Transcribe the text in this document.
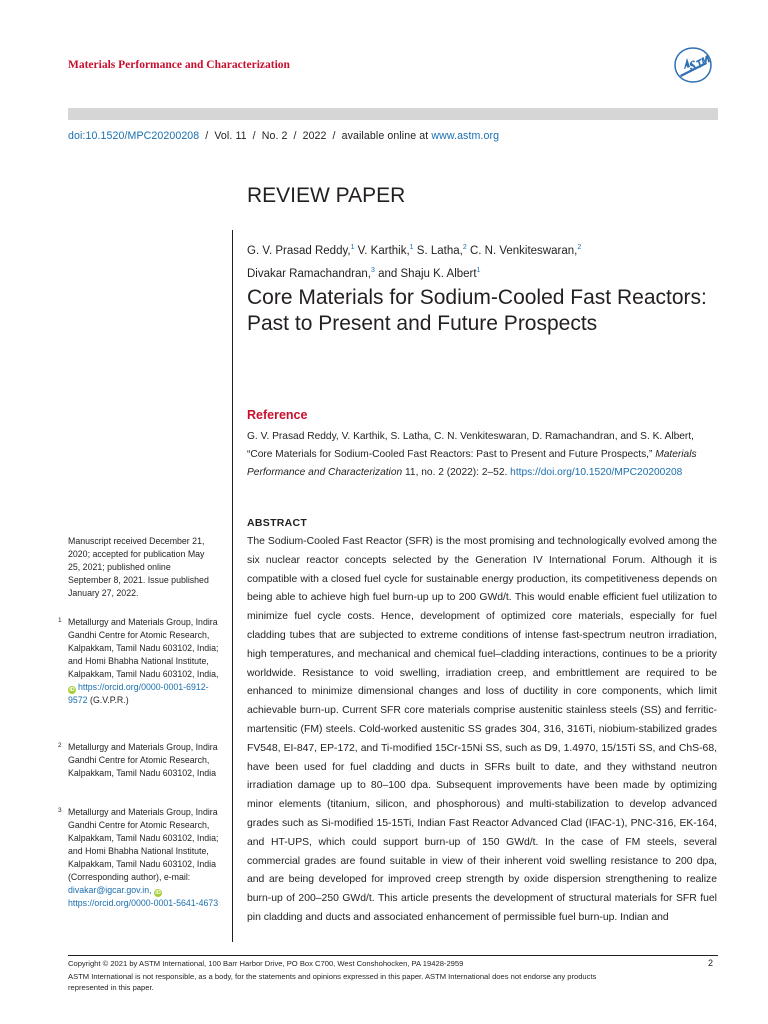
Materials Performance and Characterization
doi:10.1520/MPC20200208 / Vol. 11 / No. 2 / 2022 / available online at www.astm.org
REVIEW PAPER
G. V. Prasad Reddy,$^1$ V. Karthik,$^1$ S. Latha,$^2$ C. N. Venkiteswaran,$^2$
Divakar Ramachandran,$^3$ and Shaju K. Albert$^1$
Core Materials for Sodium-Cooled Fast Reactors: Past to Present and Future Prospects
Reference
G. V. Prasad Reddy, V. Karthik, S. Latha, C. N. Venkiteswaran, D. Ramachandran, and S. K. Albert, “Core Materials for Sodium-Cooled Fast Reactors: Past to Present and Future Prospects,” Materials Performance and Characterization 11, no. 2 (2022): 2–52. https://doi.org/10.1520/MPC20200208
ABSTRACT
The Sodium-Cooled Fast Reactor (SFR) is the most promising and technologically evolved among the six nuclear reactor concepts selected by the Generation IV International Forum. Although it is compatible with a closed fuel cycle for sustainable energy production, its competitiveness depends on being able to achieve high fuel burn-up up to 200 GWd/t. This would enable efficient fuel utilization to minimize fuel cycle costs. Hence, development of optimized core materials, especially for fuel cladding tubes that are subjected to extreme conditions of intense fast-spectrum neutron irradiation, high temperatures, and mechanical and chemical fuel–cladding interactions, continues to be a priority worldwide. Resistance to void swelling, irradiation creep, and embrittlement are required to be enhanced to minimize dimensional changes and loss of ductility in core components, which limit achievable burn-up. Current SFR core materials comprise austenitic stainless steels (SS) and ferritic-martensitic (FM) steels. Cold-worked austenitic SS grades 304, 316, 316Ti, niobium-stabilized grades FV548, EI-847, EP-172, and Ti-modified 15Cr-15Ni SS, such as D9, 1.4970, 15/15Ti SS, and ChS-68, have been used for fuel cladding and ducts in SFRs built to date, and they withstand neutron irradiation damage up to 80–100 dpa. Subsequent improvements have been made by optimizing minor elements (titanium, silicon, and phosphorous) and multi-stabilization to develop advanced grades such as Si-modified 15-15Ti, Indian Fast Reactor Advanced Clad (IFAC-1), PNC-316, EK-164, and HT-UPS, which could support burn-up of 150 GWd/t. In the case of FM steels, several commercial grades are found suitable in view of their inherent void swelling resistance to 200 dpa, and are being developed for improved creep strength by oxide dispersion strengthening to realize burn-up of 200–250 GWd/t. This article presents the development of structural materials for SFR fuel pin cladding and ducts and associated enhancement of permissible fuel burn-up. Indian and
Manuscript received December 21, 2020; accepted for publication May 25, 2021; published online September 8, 2021. Issue published January 27, 2022.
1 Metallurgy and Materials Group, Indira Gandhi Centre for Atomic Research, Kalpakkam, Tamil Nadu 603102, India; and Homi Bhabha National Institute, Kalpakkam, Tamil Nadu 603102, India, iD https://orcid.org/0000-0001-6912-9572 (G.V.P.R.)
2 Metallurgy and Materials Group, Indira Gandhi Centre for Atomic Research, Kalpakkam, Tamil Nadu 603102, India
3 Metallurgy and Materials Group, Indira Gandhi Centre for Atomic Research, Kalpakkam, Tamil Nadu 603102, India; and Homi Bhabha National Institute, Kalpakkam, Tamil Nadu 603102, India (Corresponding author), e-mail: divakar@igcar.gov.in, iDhttps://orcid.org/0000-0001-5641-4673
Copyright © 2021 by ASTM International, 100 Barr Harbor Drive, PO Box C700, West Conshohocken, PA 19428-2959	2
ASTM International is not responsible, as a body, for the statements and opinions expressed in this paper. ASTM International does not endorse any products represented in this paper.
